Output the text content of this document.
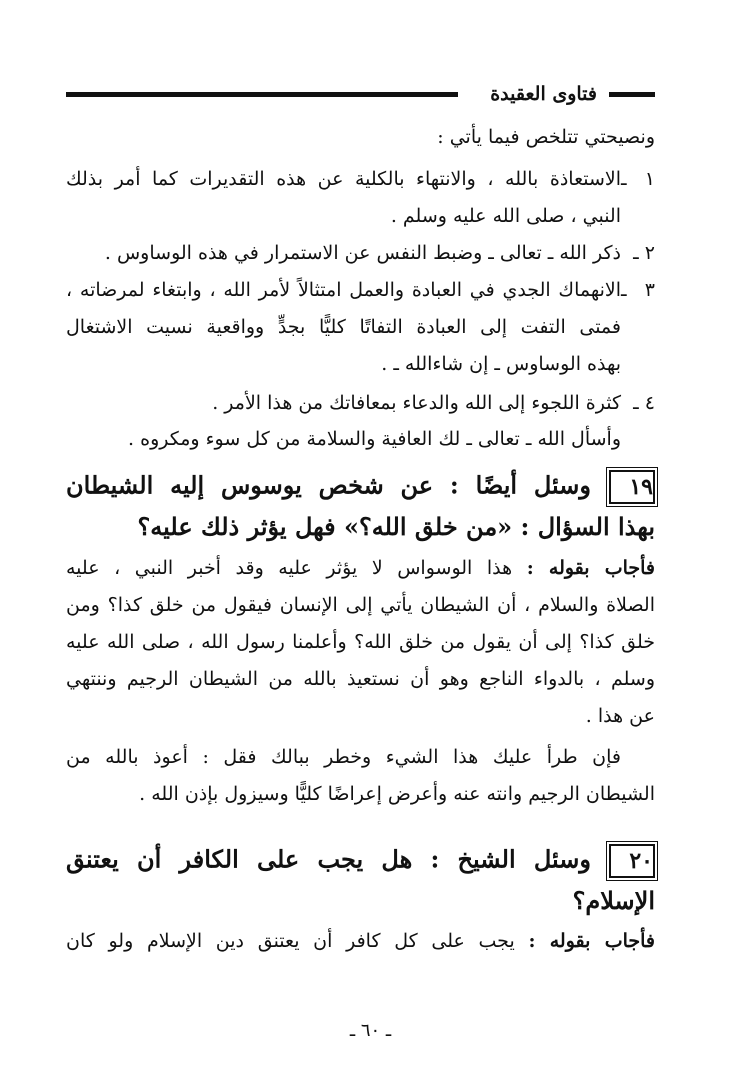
فتاوى العقيدة
ونصيحتي تتلخص فيما يأتي :
١ ـالاستعاذة بالله ، والانتهاء بالكلية عن هذه التقديرات كما أمر بذلك
النبي ، صلى الله عليه وسلم .
٢ ـذكر الله ـ تعالى ـ وضبط النفس عن الاستمرار في هذه الوساوس .
٣ ـالانهماك الجدي في العبادة والعمل امتثالاً لأمر الله ، وابتغاء لمرضاته ،
فمتى التفت إلى العبادة التفاتًا كليًّا بجدٍّ وواقعية نسيت الاشتغال
بهذه الوساوس ـ إن شاءالله ـ .
٤ ـكثرة اللجوء إلى الله والدعاء بمعافاتك من هذا الأمر .
وأسأل الله ـ تعالى ـ لك العافية والسلامة من كل سوء ومكروه .
١٩وسئل أيضًا : عن شخص يوسوس إليه الشيطان
بهذا السؤال : «من خلق الله؟» فهل يؤثر ذلك عليه؟
فأجاب بقوله : هذا الوسواس لا يؤثر عليه وقد أخبر النبي ، عليه
الصلاة والسلام ، أن الشيطان يأتي إلى الإنسان فيقول من خلق كذا؟ ومن
خلق كذا؟ إلى أن يقول من خلق الله؟ وأعلمنا رسول الله ، صلى الله عليه
وسلم ، بالدواء الناجع وهو أن نستعيذ بالله من الشيطان الرجيم وننتهي
عن هذا .
فإن طرأ عليك هذا الشيء وخطر ببالك فقل : أعوذ بالله من
الشيطان الرجيم وانته عنه وأعرض إعراضًا كليًّا وسيزول بإذن الله .
٢٠وسئل الشيخ : هل يجب على الكافر أن يعتنق
الإسلام؟
فأجاب بقوله : يجب على كل كافر أن يعتنق دين الإسلام ولو كان
ـ ٦٠ ـ
